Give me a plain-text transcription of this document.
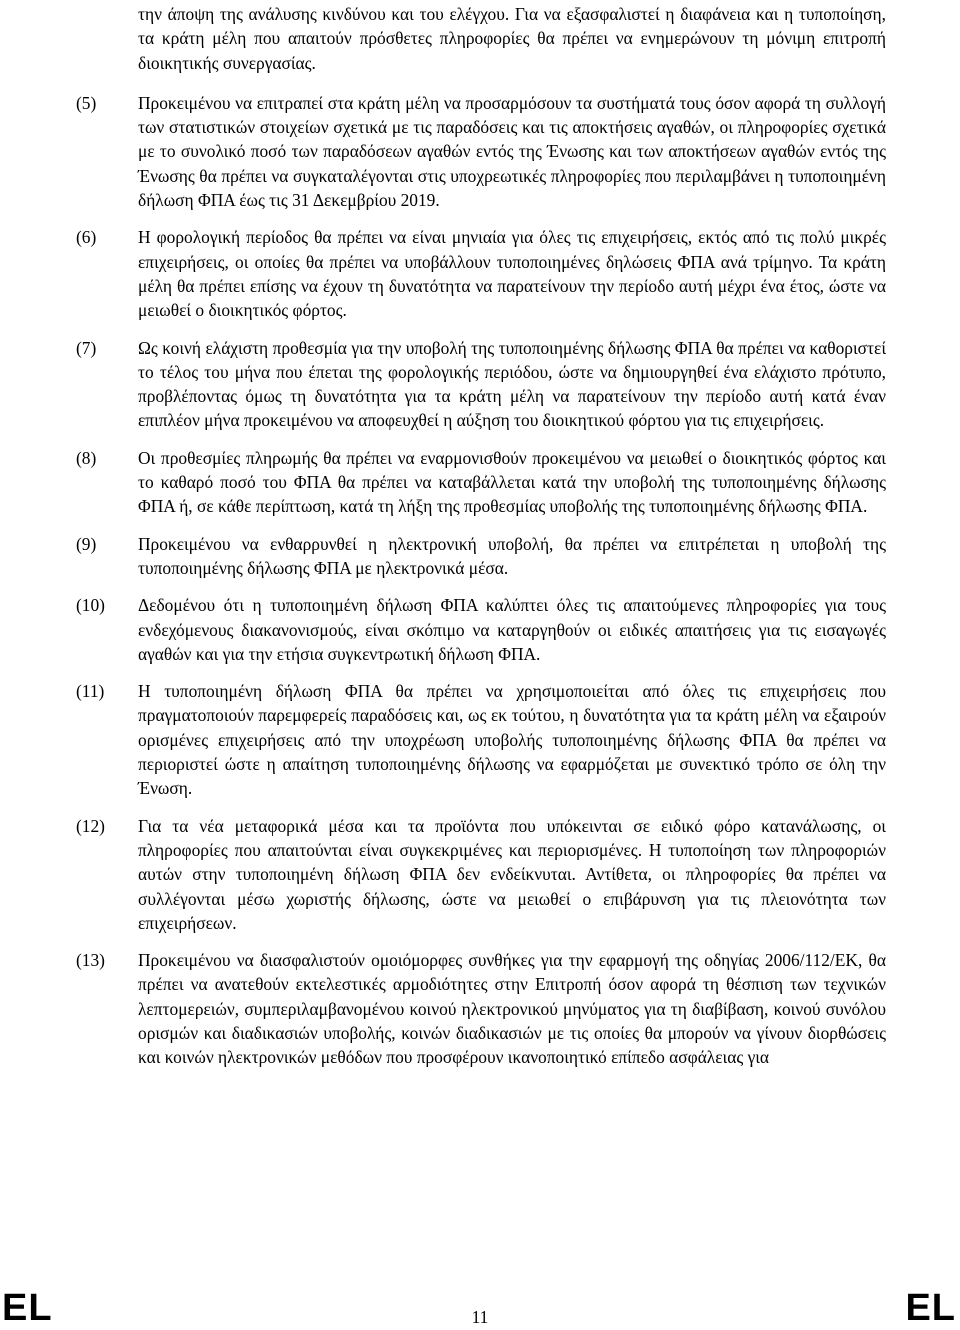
την άποψη της ανάλυσης κινδύνου και του ελέγχου. Για να εξασφαλιστεί η διαφάνεια και η τυποποίηση, τα κράτη μέλη που απαιτούν πρόσθετες πληροφορίες θα πρέπει να ενημερώνουν τη μόνιμη επιτροπή διοικητικής συνεργασίας.

(5)	Προκειμένου να επιτραπεί στα κράτη μέλη να προσαρμόσουν τα συστήματά τους όσον αφορά τη συλλογή των στατιστικών στοιχείων σχετικά με τις παραδόσεις και τις αποκτήσεις αγαθών, οι πληροφορίες σχετικά με το συνολικό ποσό των παραδόσεων αγαθών εντός της Ένωσης και των αποκτήσεων αγαθών εντός της Ένωσης θα πρέπει να συγκαταλέγονται στις υποχρεωτικές πληροφορίες που περιλαμβάνει η τυποποιημένη δήλωση ΦΠΑ έως τις 31 Δεκεμβρίου 2019.

(6)	Η φορολογική περίοδος θα πρέπει να είναι μηνιαία για όλες τις επιχειρήσεις, εκτός από τις πολύ μικρές επιχειρήσεις, οι οποίες θα πρέπει να υποβάλλουν τυποποιημένες δηλώσεις ΦΠΑ ανά τρίμηνο. Τα κράτη μέλη θα πρέπει επίσης να έχουν τη δυνατότητα να παρατείνουν την περίοδο αυτή μέχρι ένα έτος, ώστε να μειωθεί ο διοικητικός φόρτος.

(7)	Ως κοινή ελάχιστη προθεσμία για την υποβολή της τυποποιημένης δήλωσης ΦΠΑ θα πρέπει να καθοριστεί το τέλος του μήνα που έπεται της φορολογικής περιόδου, ώστε να δημιουργηθεί ένα ελάχιστο πρότυπο, προβλέποντας όμως τη δυνατότητα για τα κράτη μέλη να παρατείνουν την περίοδο αυτή κατά έναν επιπλέον μήνα προκειμένου να αποφευχθεί η αύξηση του διοικητικού φόρτου για τις επιχειρήσεις.

(8)	Οι προθεσμίες πληρωμής θα πρέπει να εναρμονισθούν προκειμένου να μειωθεί ο διοικητικός φόρτος και το καθαρό ποσό του ΦΠΑ θα πρέπει να καταβάλλεται κατά την υποβολή της τυποποιημένης δήλωσης ΦΠΑ ή, σε κάθε περίπτωση, κατά τη λήξη της προθεσμίας υποβολής της τυποποιημένης δήλωσης ΦΠΑ.

(9)	Προκειμένου να ενθαρρυνθεί η ηλεκτρονική υποβολή, θα πρέπει να επιτρέπεται η υποβολή της τυποποιημένης δήλωσης ΦΠΑ με ηλεκτρονικά μέσα.

(10)	Δεδομένου ότι η τυποποιημένη δήλωση ΦΠΑ καλύπτει όλες τις απαιτούμενες πληροφορίες για τους ενδεχόμενους διακανονισμούς, είναι σκόπιμο να καταργηθούν οι ειδικές απαιτήσεις για τις εισαγωγές αγαθών και για την ετήσια συγκεντρωτική δήλωση ΦΠΑ.

(11)	Η τυποποιημένη δήλωση ΦΠΑ θα πρέπει να χρησιμοποιείται από όλες τις επιχειρήσεις που πραγματοποιούν παρεμφερείς παραδόσεις και, ως εκ τούτου, η δυνατότητα για τα κράτη μέλη να εξαιρούν ορισμένες επιχειρήσεις από την υποχρέωση υποβολής τυποποιημένης δήλωσης ΦΠΑ θα πρέπει να περιοριστεί ώστε η απαίτηση τυποποιημένης δήλωσης να εφαρμόζεται με συνεκτικό τρόπο σε όλη την Ένωση.

(12)	Για τα νέα μεταφορικά μέσα και τα προϊόντα που υπόκεινται σε ειδικό φόρο κατανάλωσης, οι πληροφορίες που απαιτούνται είναι συγκεκριμένες και περιορισμένες. Η τυποποίηση των πληροφοριών αυτών στην τυποποιημένη δήλωση ΦΠΑ δεν ενδείκνυται. Αντίθετα, οι πληροφορίες θα πρέπει να συλλέγονται μέσω χωριστής δήλωσης, ώστε να μειωθεί ο επιβάρυνση για τις πλειονότητα των επιχειρήσεων.

(13)	Προκειμένου να διασφαλιστούν ομοιόμορφες συνθήκες για την εφαρμογή της οδηγίας 2006/112/ΕΚ, θα πρέπει να ανατεθούν εκτελεστικές αρμοδιότητες στην Επιτροπή όσον αφορά τη θέσπιση των τεχνικών λεπτομερειών, συμπεριλαμβανομένου κοινού ηλεκτρονικού μηνύματος για τη διαβίβαση, κοινού συνόλου ορισμών και διαδικασιών υποβολής, κοινών διαδικασιών με τις οποίες θα μπορούν να γίνουν διορθώσεις και κοινών ηλεκτρονικών μεθόδων που προσφέρουν ικανοποιητικό επίπεδο ασφάλειας για

EL	11	EL
